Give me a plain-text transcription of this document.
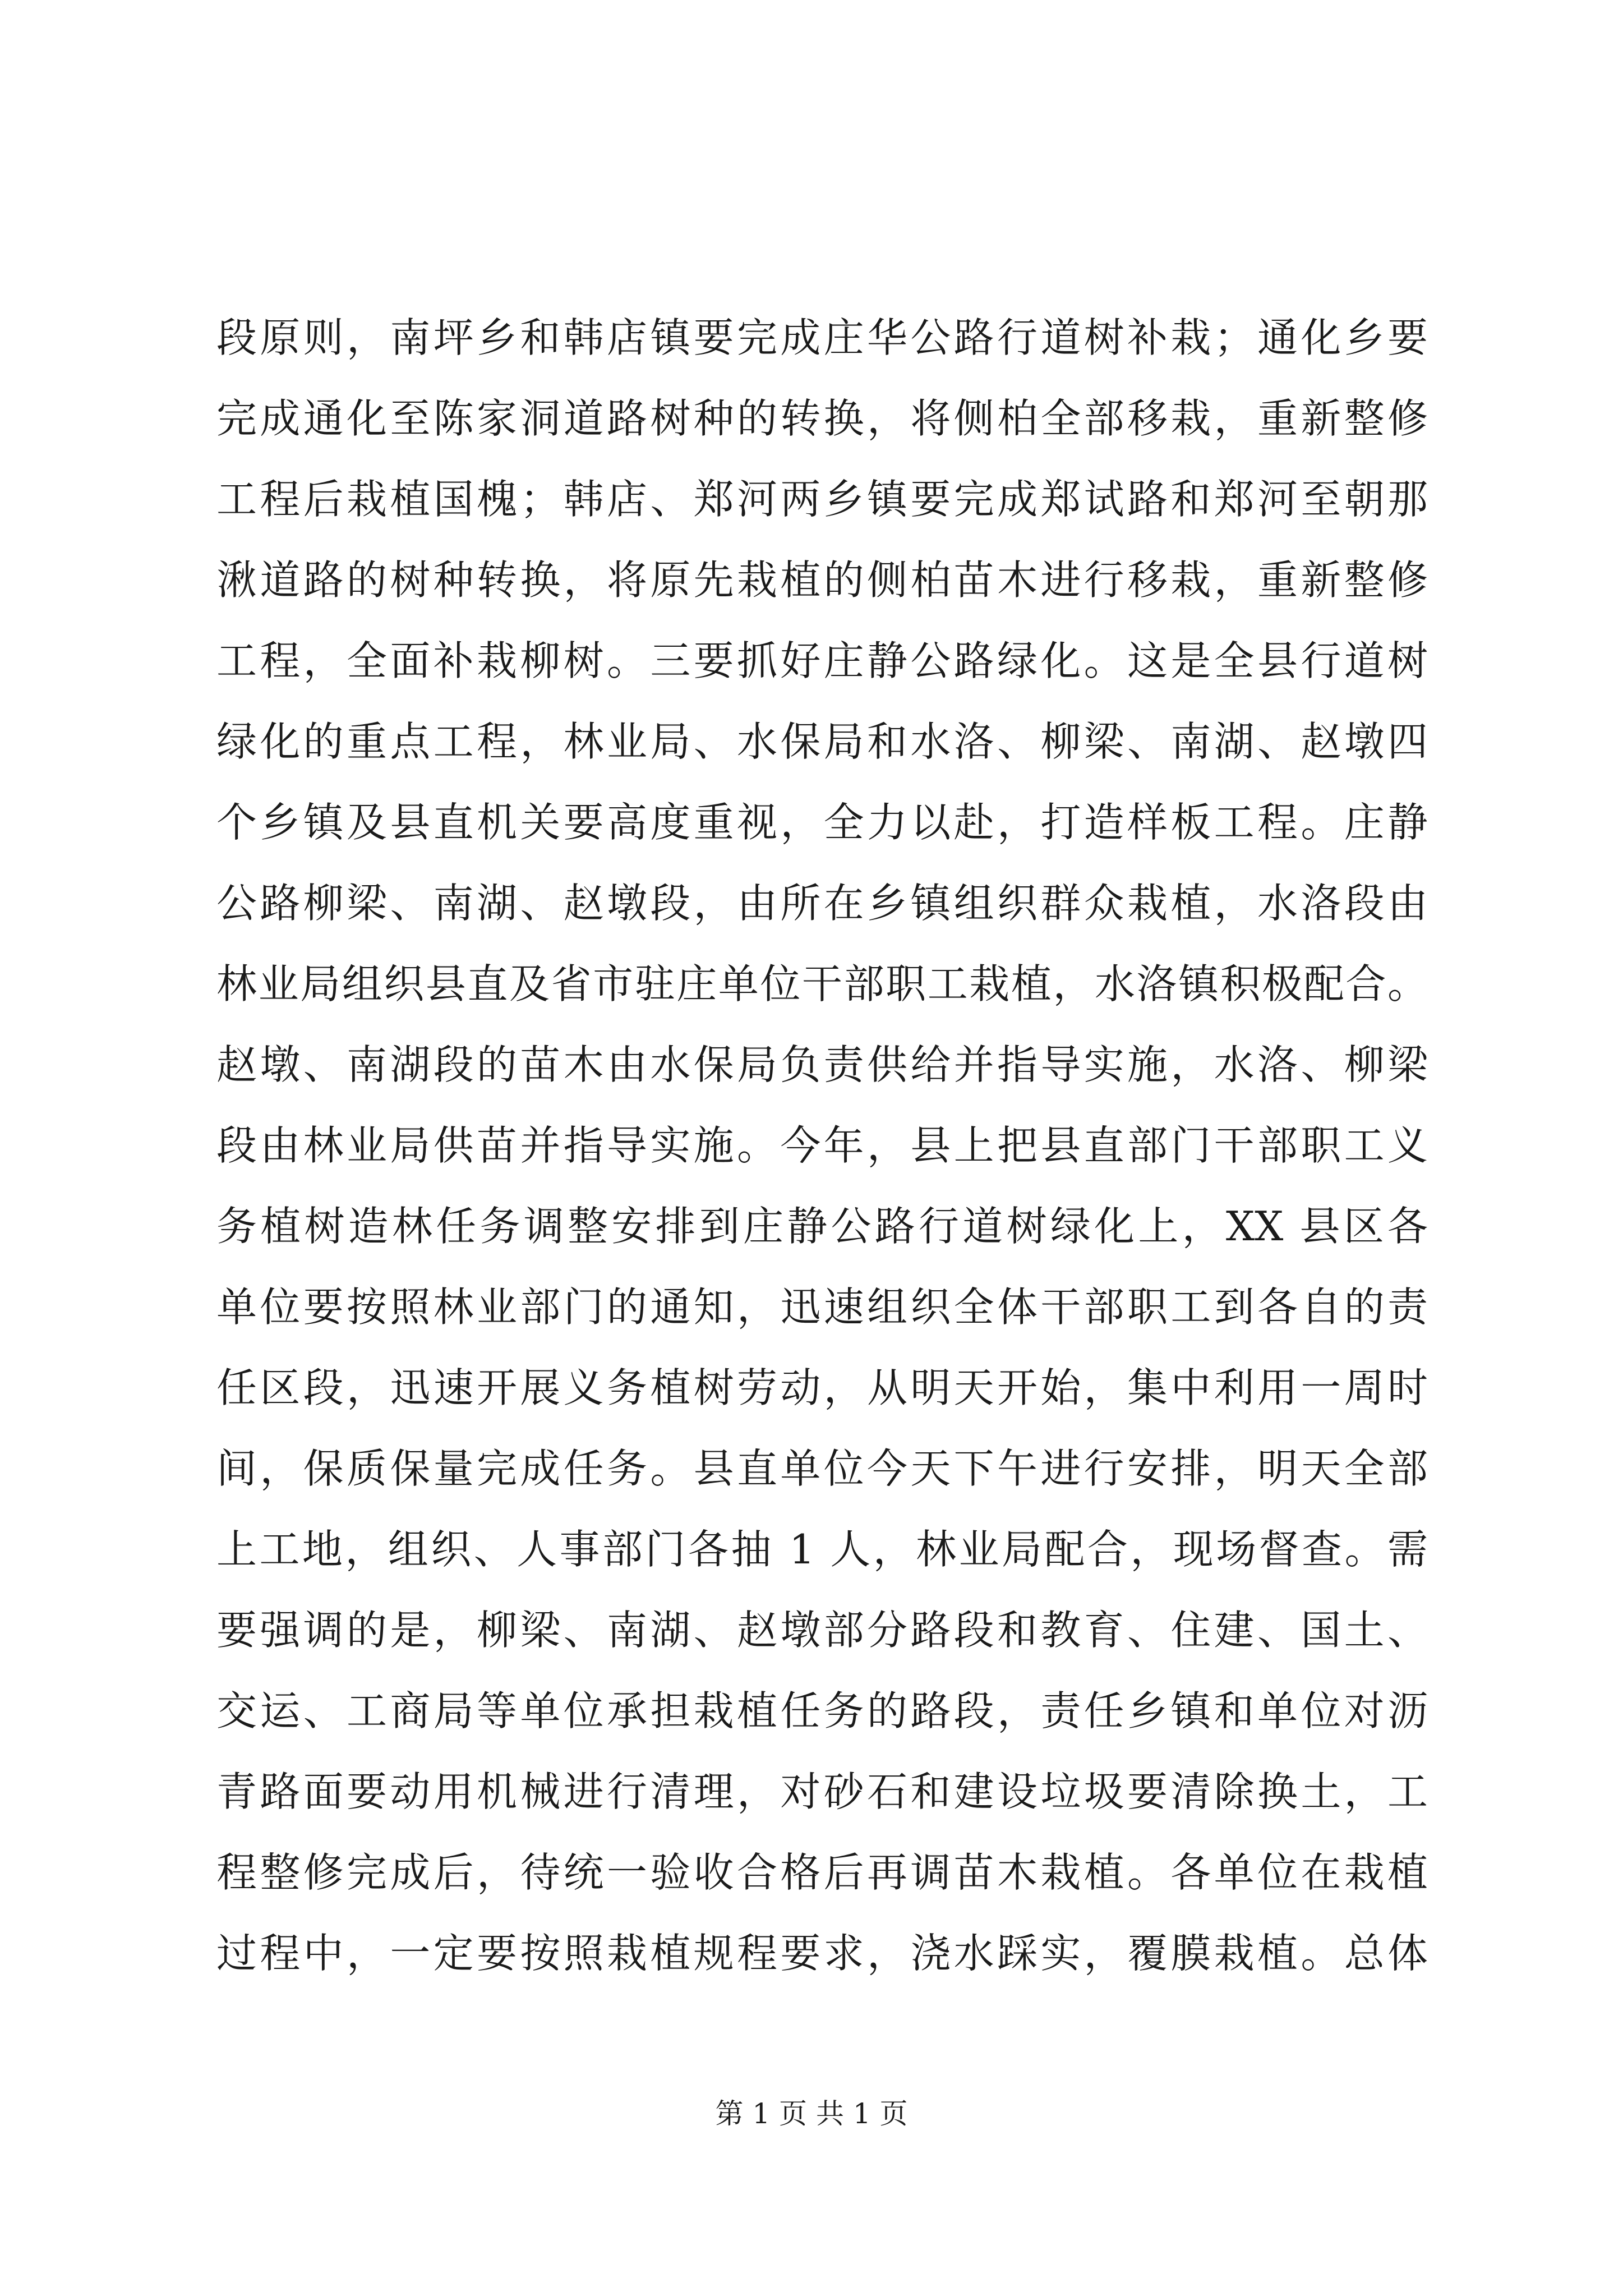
段原则，南坪乡和韩店镇要完成庄华公路行道树补栽；通化乡要
完成通化至陈家洞道路树种的转换，将侧柏全部移栽，重新整修
工程后栽植国槐；韩店、郑河两乡镇要完成郑试路和郑河至朝那
湫道路的树种转换，将原先栽植的侧柏苗木进行移栽，重新整修
工程，全面补栽柳树。三要抓好庄静公路绿化。这是全县行道树
绿化的重点工程，林业局、水保局和水洛、柳梁、南湖、赵墩四
个乡镇及县直机关要高度重视，全力以赴，打造样板工程。庄静
公路柳梁、南湖、赵墩段，由所在乡镇组织群众栽植，水洛段由
林业局组织县直及省市驻庄单位干部职工栽植，水洛镇积极配合。
赵墩、南湖段的苗木由水保局负责供给并指导实施，水洛、柳梁
段由林业局供苗并指导实施。今年，县上把县直部门干部职工义
务植树造林任务调整安排到庄静公路行道树绿化上，XX 县区各
单位要按照林业部门的通知，迅速组织全体干部职工到各自的责
任区段，迅速开展义务植树劳动，从明天开始，集中利用一周时
间，保质保量完成任务。县直单位今天下午进行安排，明天全部
上工地，组织、人事部门各抽 1 人，林业局配合，现场督查。需
要强调的是，柳梁、南湖、赵墩部分路段和教育、住建、国土、
交运、工商局等单位承担栽植任务的路段，责任乡镇和单位对沥
青路面要动用机械进行清理，对砂石和建设垃圾要清除换土，工
程整修完成后，待统一验收合格后再调苗木栽植。各单位在栽植
过程中，一定要按照栽植规程要求，浇水踩实，覆膜栽植。总体
第 1 页 共 1 页
